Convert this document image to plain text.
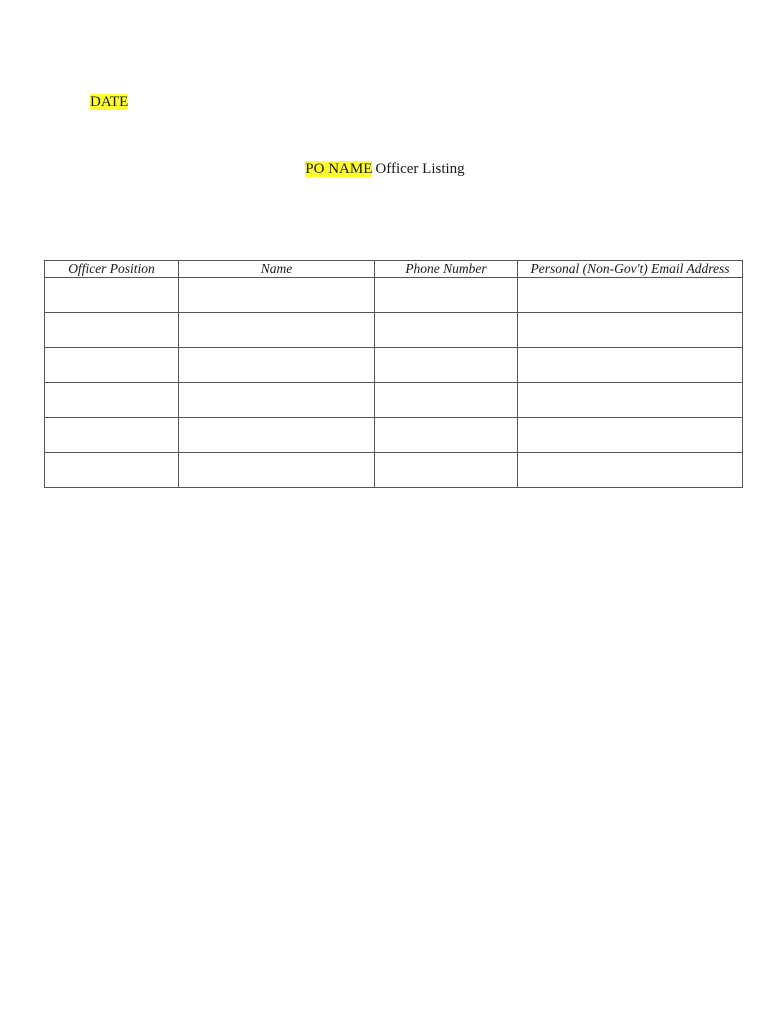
DATE
PO NAME Officer Listing
Officer Position	Name	Phone Number	Personal (Non-Gov't) Email Address
